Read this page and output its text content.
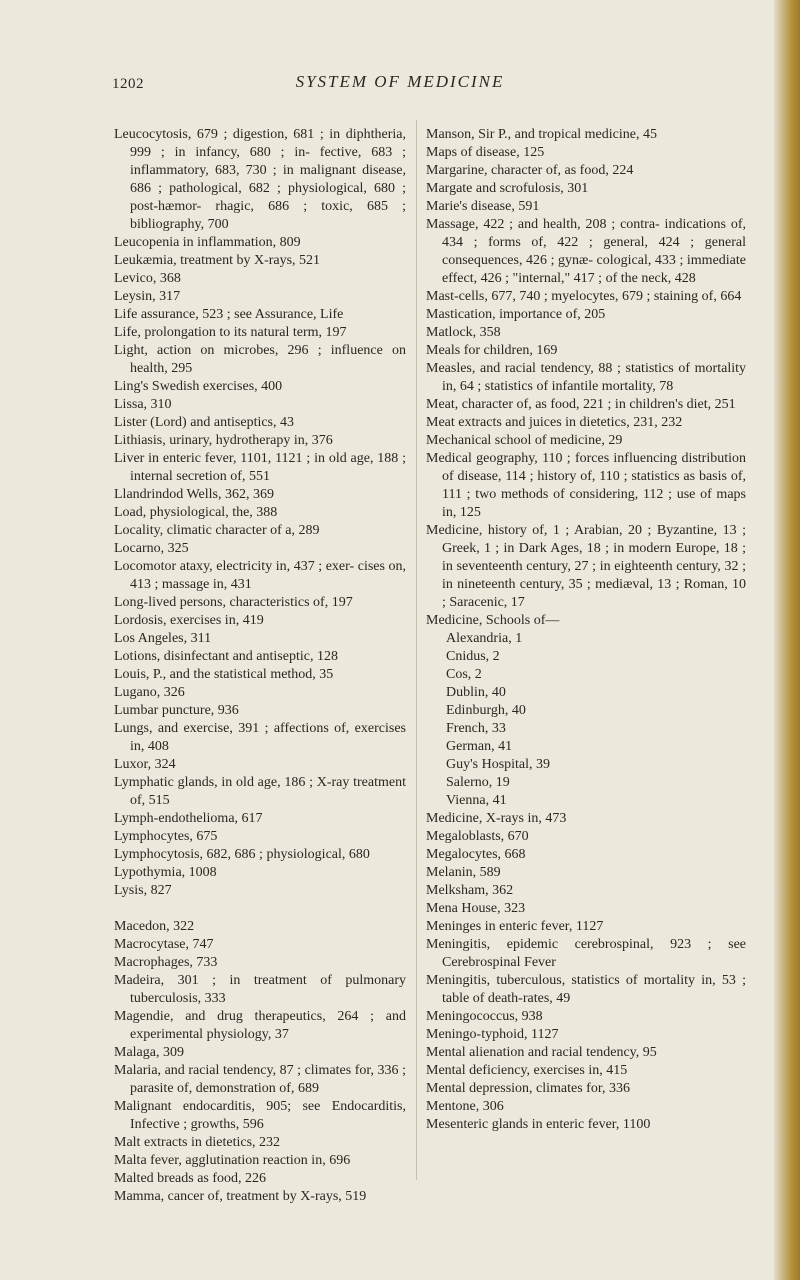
1202	SYSTEM OF MEDICINE

Leucocytosis, 679 ; digestion, 681 ; in diphtheria, 999 ; in infancy, 680 ; in- fective, 683 ; inflammatory, 683, 730 ; in malignant disease, 686 ; pathological, 682 ; physiological, 680 ; post-hæmor- rhagic, 686 ; toxic, 685 ; bibliography, 700

Leucopenia in inflammation, 809

Leukæmia, treatment by X-rays, 521

Levico, 368

Leysin, 317

Life assurance, 523 ; see Assurance, Life

Life, prolongation to its natural term, 197

Light, action on microbes, 296 ; influence on health, 295

Ling's Swedish exercises, 400

Lissa, 310

Lister (Lord) and antiseptics, 43

Lithiasis, urinary, hydrotherapy in, 376

Liver in enteric fever, 1101, 1121 ; in old age, 188 ; internal secretion of, 551

Llandrindod Wells, 362, 369

Load, physiological, the, 388

Locality, climatic character of a, 289

Locarno, 325

Locomotor ataxy, electricity in, 437 ; exer- cises on, 413 ; massage in, 431

Long-lived persons, characteristics of, 197

Lordosis, exercises in, 419

Los Angeles, 311

Lotions, disinfectant and antiseptic, 128

Louis, P., and the statistical method, 35

Lugano, 326

Lumbar puncture, 936

Lungs, and exercise, 391 ; affections of, exercises in, 408

Luxor, 324

Lymphatic glands, in old age, 186 ; X-ray treatment of, 515

Lymph-endothelioma, 617

Lymphocytes, 675

Lymphocytosis, 682, 686 ; physiological, 680

Lypothymia, 1008

Lysis, 827

Macedon, 322

Macrocytase, 747

Macrophages, 733

Madeira, 301 ; in treatment of pulmonary tuberculosis, 333

Magendie, and drug therapeutics, 264 ; and experimental physiology, 37

Malaga, 309

Malaria, and racial tendency, 87 ; climates for, 336 ; parasite of, demonstration of, 689

Malignant endocarditis, 905; see Endocarditis, Infective ; growths, 596

Malt extracts in dietetics, 232

Malta fever, agglutination reaction in, 696

Malted breads as food, 226

Mamma, cancer of, treatment by X-rays, 519

Manson, Sir P., and tropical medicine, 45

Maps of disease, 125

Margarine, character of, as food, 224

Margate and scrofulosis, 301

Marie's disease, 591

Massage, 422 ; and health, 208 ; contra- indications of, 434 ; forms of, 422 ; general, 424 ; general consequences, 426 ; gynæ- cological, 433 ; immediate effect, 426 ; "internal," 417 ; of the neck, 428

Mast-cells, 677, 740 ; myelocytes, 679 ; staining of, 664

Mastication, importance of, 205

Matlock, 358

Meals for children, 169

Measles, and racial tendency, 88 ; statistics of mortality in, 64 ; statistics of infantile mortality, 78

Meat, character of, as food, 221 ; in children's diet, 251

Meat extracts and juices in dietetics, 231, 232

Mechanical school of medicine, 29

Medical geography, 110 ; forces influencing distribution of disease, 114 ; history of, 110 ; statistics as basis of, 111 ; two methods of considering, 112 ; use of maps in, 125

Medicine, history of, 1 ; Arabian, 20 ; Byzantine, 13 ; Greek, 1 ; in Dark Ages, 18 ; in modern Europe, 18 ; in seventeenth century, 27 ; in eighteenth century, 32 ; in nineteenth century, 35 ; mediæval, 13 ; Roman, 10 ; Saracenic, 17

Medicine, Schools of—

Alexandria, 1

Cnidus, 2

Cos, 2

Dublin, 40

Edinburgh, 40

French, 33

German, 41

Guy's Hospital, 39

Salerno, 19

Vienna, 41

Medicine, X-rays in, 473

Megaloblasts, 670

Megalocytes, 668

Melanin, 589

Melksham, 362

Mena House, 323

Meninges in enteric fever, 1127

Meningitis, epidemic cerebrospinal, 923 ; see Cerebrospinal Fever

Meningitis, tuberculous, statistics of mortality in, 53 ; table of death-rates, 49

Meningococcus, 938

Meningo-typhoid, 1127

Mental alienation and racial tendency, 95

Mental deficiency, exercises in, 415

Mental depression, climates for, 336

Mentone, 306

Mesenteric glands in enteric fever, 1100
